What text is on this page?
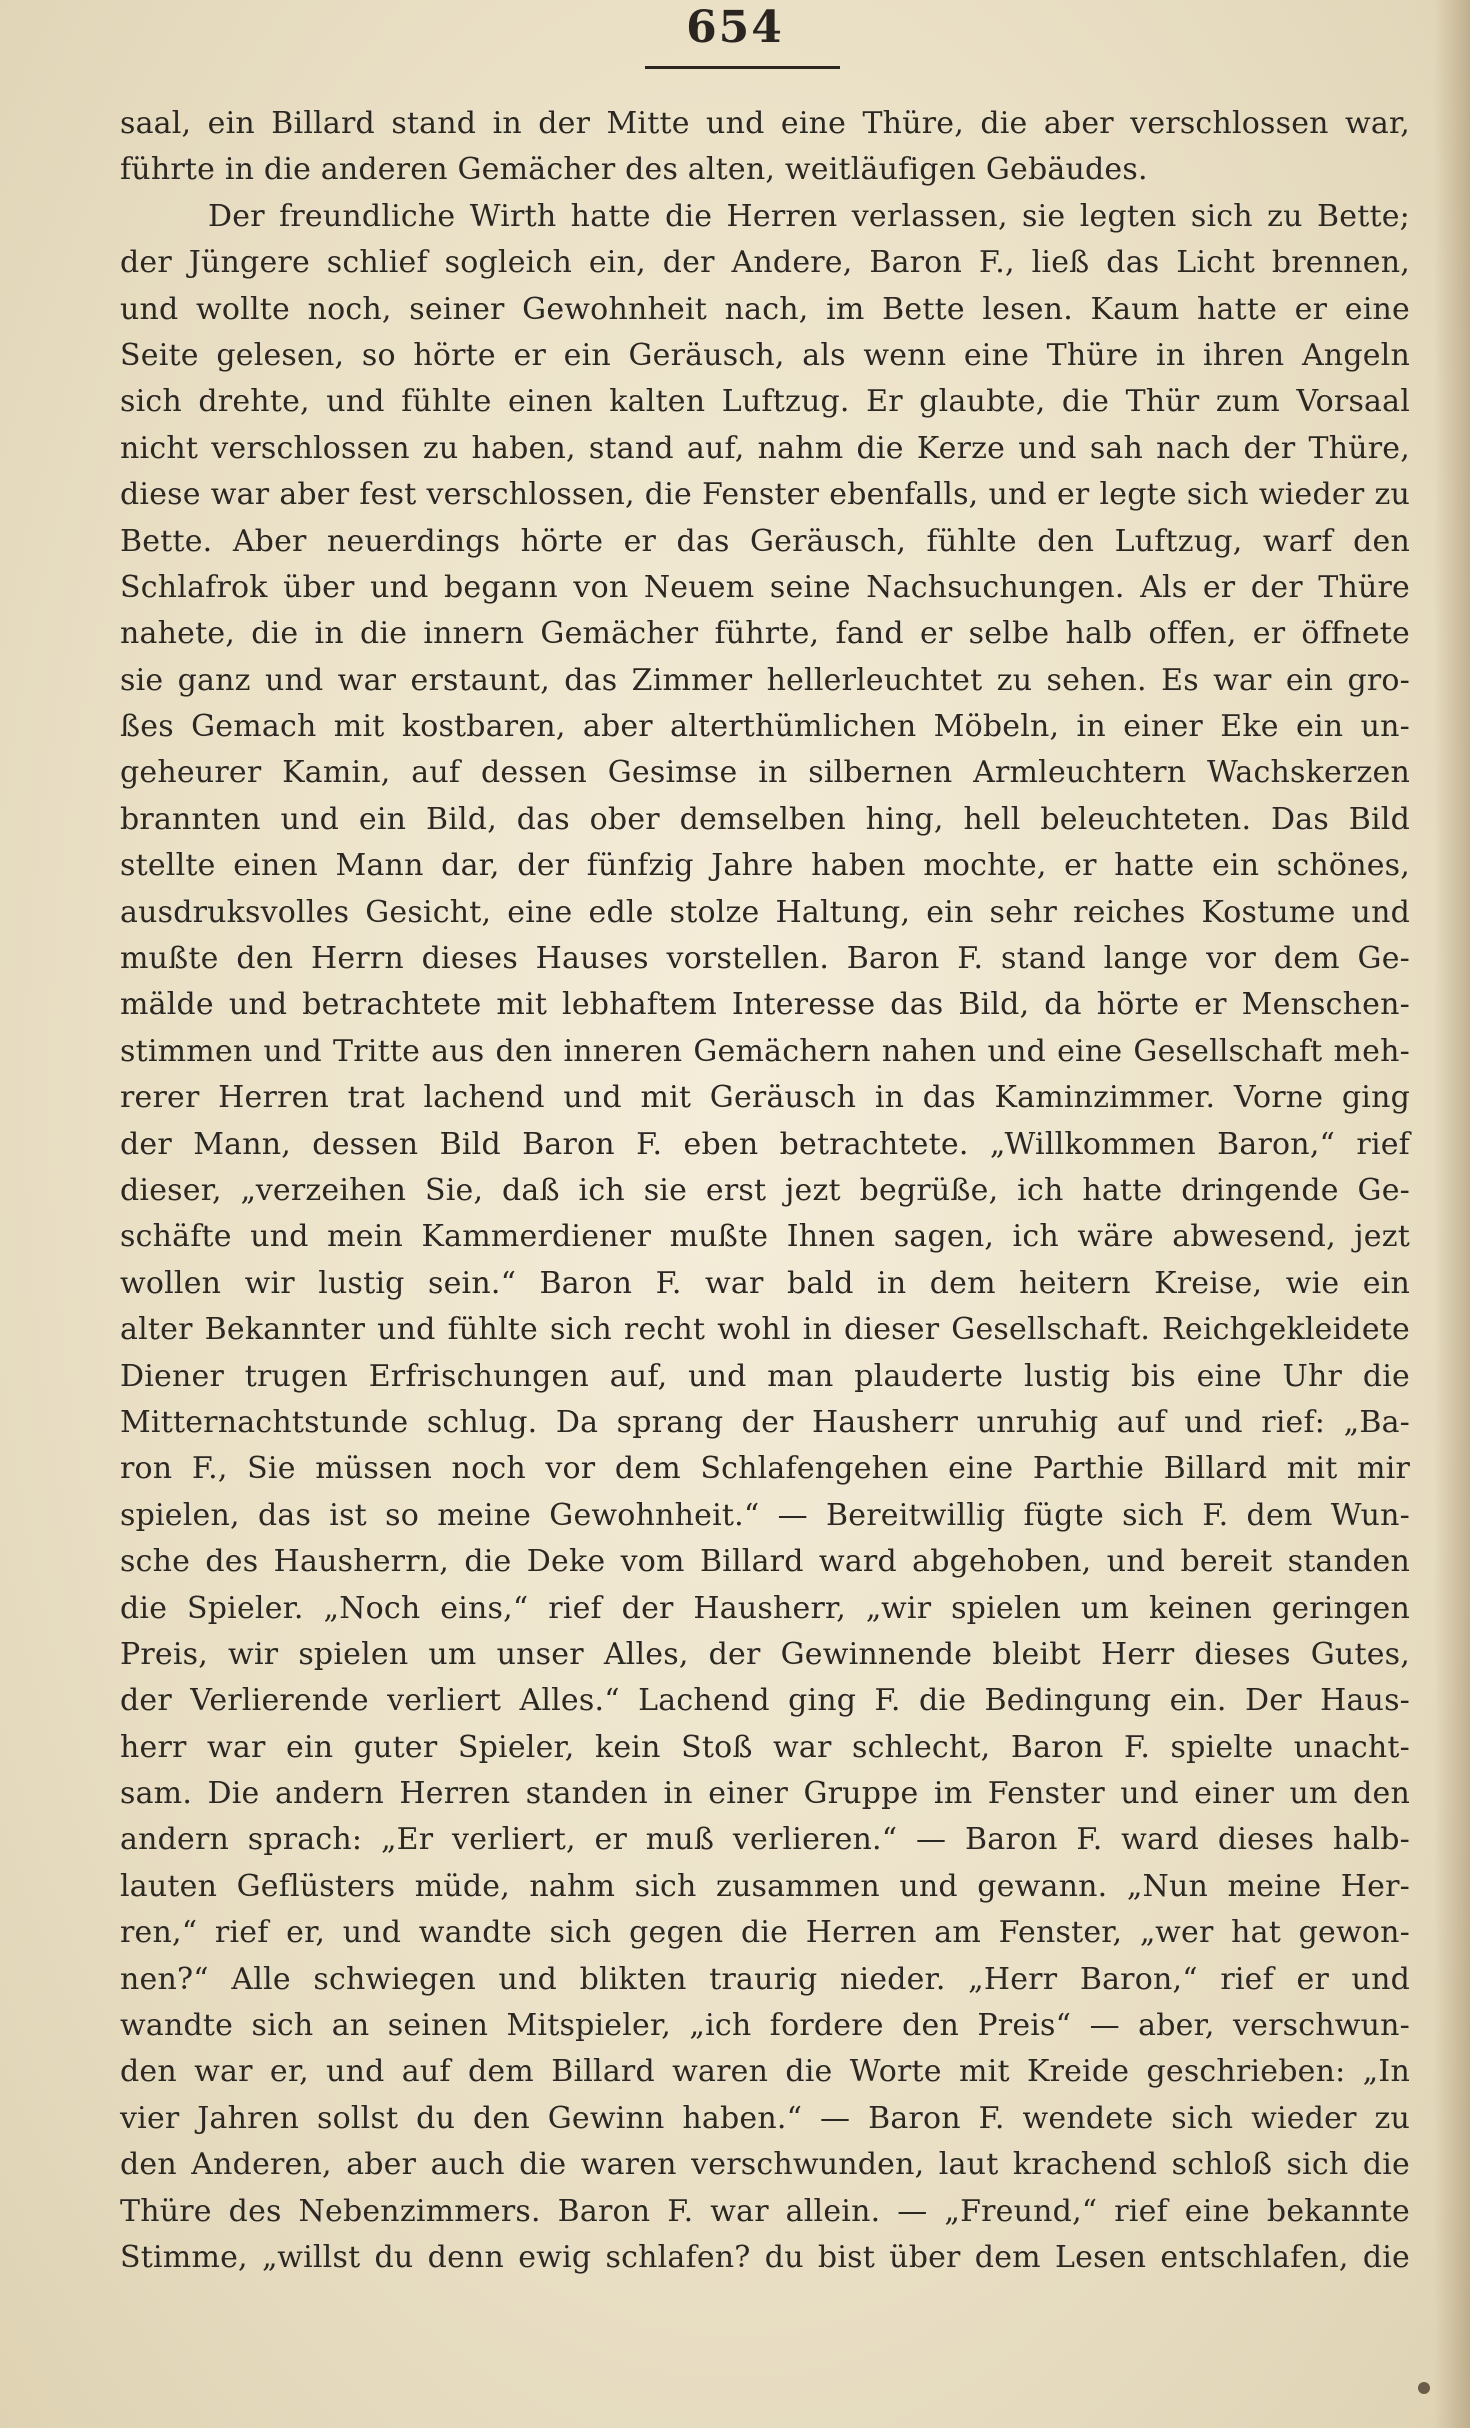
654
saal, ein Billard stand in der Mitte und eine Thüre, die aber verschlossen war,
führte in die anderen Gemächer des alten, weitläufigen Gebäudes.
Der freundliche Wirth hatte die Herren verlassen, sie legten sich zu Bette;
der Jüngere schlief sogleich ein, der Andere, Baron F., ließ das Licht brennen,
und wollte noch, seiner Gewohnheit nach, im Bette lesen. Kaum hatte er eine
Seite gelesen, so hörte er ein Geräusch, als wenn eine Thüre in ihren Angeln
sich drehte, und fühlte einen kalten Luftzug. Er glaubte, die Thür zum Vorsaal
nicht verschlossen zu haben, stand auf, nahm die Kerze und sah nach der Thüre,
diese war aber fest verschlossen, die Fenster ebenfalls, und er legte sich wieder zu
Bette. Aber neuerdings hörte er das Geräusch, fühlte den Luftzug, warf den
Schlafrok über und begann von Neuem seine Nachsuchungen. Als er der Thüre
nahete, die in die innern Gemächer führte, fand er selbe halb offen, er öffnete
sie ganz und war erstaunt, das Zimmer hellerleuchtet zu sehen. Es war ein gro-
ßes Gemach mit kostbaren, aber alterthümlichen Möbeln, in einer Eke ein un-
geheurer Kamin, auf dessen Gesimse in silbernen Armleuchtern Wachskerzen
brannten und ein Bild, das ober demselben hing, hell beleuchteten. Das Bild
stellte einen Mann dar, der fünfzig Jahre haben mochte, er hatte ein schönes,
ausdruksvolles Gesicht, eine edle stolze Haltung, ein sehr reiches Kostume und
mußte den Herrn dieses Hauses vorstellen. Baron F. stand lange vor dem Ge-
mälde und betrachtete mit lebhaftem Interesse das Bild, da hörte er Menschen-
stimmen und Tritte aus den inneren Gemächern nahen und eine Gesellschaft meh-
rerer Herren trat lachend und mit Geräusch in das Kaminzimmer. Vorne ging
der Mann, dessen Bild Baron F. eben betrachtete. „Willkommen Baron,“ rief
dieser, „verzeihen Sie, daß ich sie erst jezt begrüße, ich hatte dringende Ge-
schäfte und mein Kammerdiener mußte Ihnen sagen, ich wäre abwesend, jezt
wollen wir lustig sein.“ Baron F. war bald in dem heitern Kreise, wie ein
alter Bekannter und fühlte sich recht wohl in dieser Gesellschaft. Reichgekleidete
Diener trugen Erfrischungen auf, und man plauderte lustig bis eine Uhr die
Mitternachtstunde schlug. Da sprang der Hausherr unruhig auf und rief: „Ba-
ron F., Sie müssen noch vor dem Schlafengehen eine Parthie Billard mit mir
spielen, das ist so meine Gewohnheit.“ — Bereitwillig fügte sich F. dem Wun-
sche des Hausherrn, die Deke vom Billard ward abgehoben, und bereit standen
die Spieler. „Noch eins,“ rief der Hausherr, „wir spielen um keinen geringen
Preis, wir spielen um unser Alles, der Gewinnende bleibt Herr dieses Gutes,
der Verlierende verliert Alles.“ Lachend ging F. die Bedingung ein. Der Haus-
herr war ein guter Spieler, kein Stoß war schlecht, Baron F. spielte unacht-
sam. Die andern Herren standen in einer Gruppe im Fenster und einer um den
andern sprach: „Er verliert, er muß verlieren.“ — Baron F. ward dieses halb-
lauten Geflüsters müde, nahm sich zusammen und gewann. „Nun meine Her-
ren,“ rief er, und wandte sich gegen die Herren am Fenster, „wer hat gewon-
nen?“ Alle schwiegen und blikten traurig nieder. „Herr Baron,“ rief er und
wandte sich an seinen Mitspieler, „ich fordere den Preis“ — aber, verschwun-
den war er, und auf dem Billard waren die Worte mit Kreide geschrieben: „In
vier Jahren sollst du den Gewinn haben.“ — Baron F. wendete sich wieder zu
den Anderen, aber auch die waren verschwunden, laut krachend schloß sich die
Thüre des Nebenzimmers. Baron F. war allein. — „Freund,“ rief eine bekannte
Stimme, „willst du denn ewig schlafen? du bist über dem Lesen entschlafen, die
